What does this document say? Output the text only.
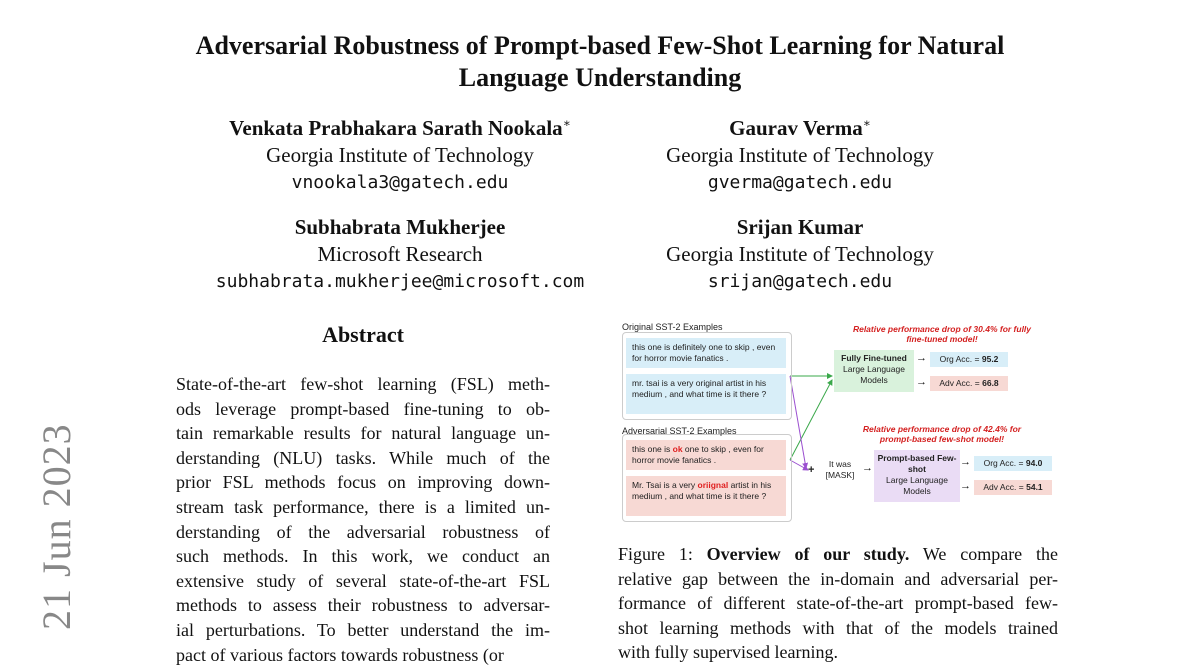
Adversarial Robustness of Prompt-based Few-Shot Learning for Natural
Language Understanding
Venkata Prabhakara Sarath Nookala∗
Georgia Institute of Technology
vnookala3@gatech.edu
Gaurav Verma∗
Georgia Institute of Technology
gverma@gatech.edu
Subhabrata Mukherjee
Microsoft Research
subhabrata.mukherjee@microsoft.com
Srijan Kumar
Georgia Institute of Technology
srijan@gatech.edu
21 Jun 2023
Abstract
State-of-the-art few-shot learning (FSL) meth-
ods leverage prompt-based fine-tuning to ob-
tain remarkable results for natural language un-
derstanding (NLU) tasks. While much of the
prior FSL methods focus on improving down-
stream task performance, there is a limited un-
derstanding of the adversarial robustness of
such methods. In this work, we conduct an
extensive study of several state-of-the-art FSL
methods to assess their robustness to adversar-
ial perturbations. To better understand the im-
pact of various factors towards robustness (or
Original SST-2 Examples
this one is definitely one to skip , even for horror movie fanatics .
mr. tsai is a very original artist in his medium , and what time is it there ?
Adversarial SST-2 Examples
this one is ok one to skip , even for horror movie fanatics .
Mr. Tsai is a very oriignal artist in his medium , and what time is it there ?
Relative performance drop of 30.4% for fully fine-tuned model!
Fully Fine-tuned
Large Language Models
→
→
Org Acc. = 95.2
Adv Acc. = 66.8
Relative performance drop of 42.4% for prompt-based few-shot model!
+	It was [MASK]
→
Prompt-based Few-shot
Large Language Models
→
→
Org Acc. = 94.0
Adv Acc. = 54.1
Figure 1: Overview of our study. We compare the
relative gap between the in-domain and adversarial per-
formance of different state-of-the-art prompt-based few-
shot learning methods with that of the models trained
with fully supervised learning.
